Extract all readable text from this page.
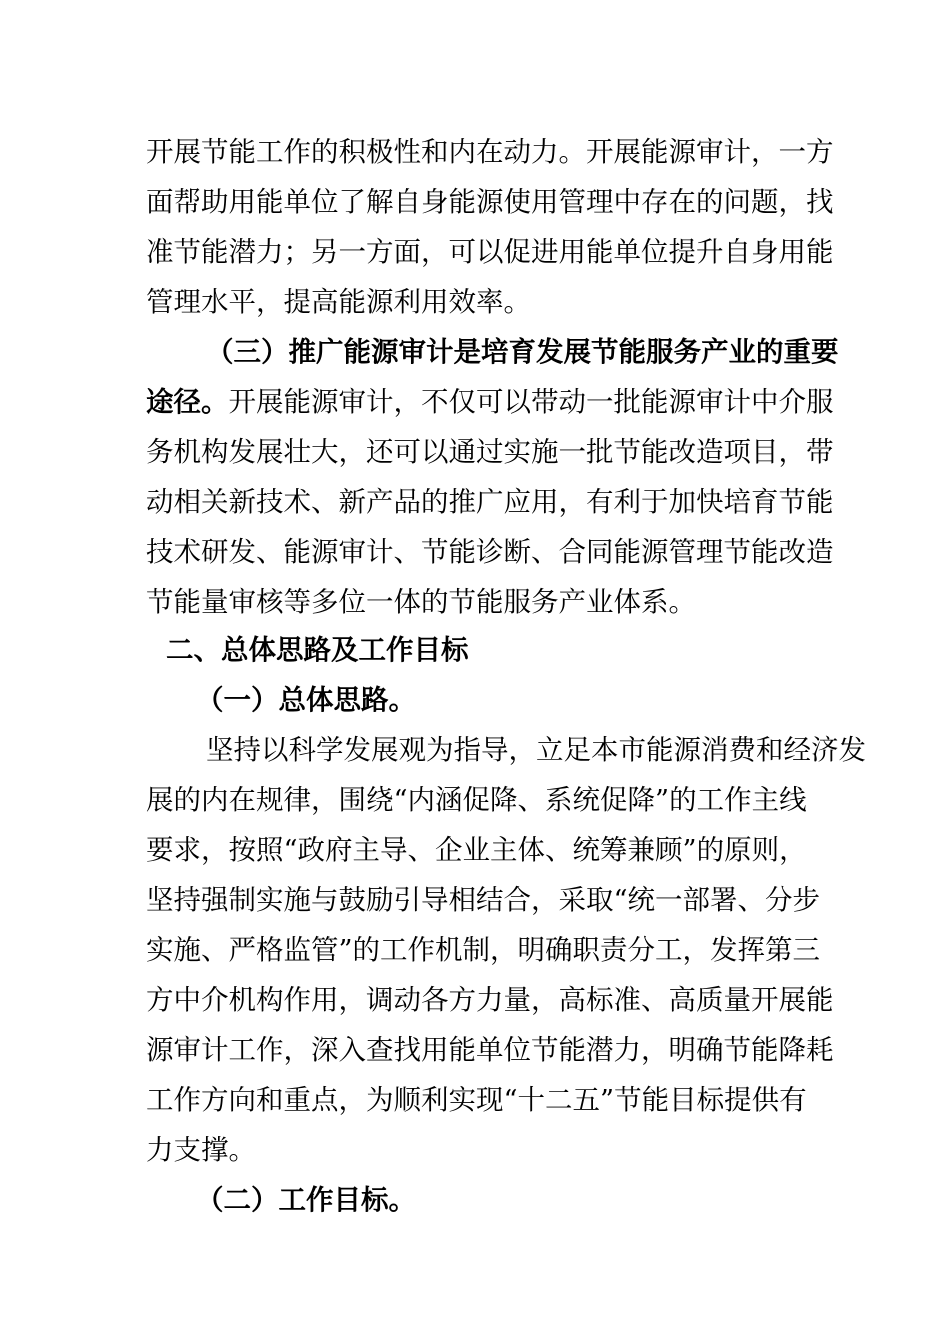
开展节能工作的积极性和内在动力。开展能源审计，一方
面帮助用能单位了解自身能源使用管理中存在的问题，找
准节能潜力；另一方面，可以促进用能单位提升自身用能
管理水平，提高能源利用效率。
（三）推广能源审计是培育发展节能服务产业的重要
途径。开展能源审计，不仅可以带动一批能源审计中介服
务机构发展壮大，还可以通过实施一批节能改造项目，带
动相关新技术、新产品的推广应用，有利于加快培育节能
技术研发、能源审计、节能诊断、合同能源管理节能改造
节能量审核等多位一体的节能服务产业体系。
二、总体思路及工作目标
（一）总体思路。
坚持以科学发展观为指导，立足本市能源消费和经济发
展的内在规律，围绕“内涵促降、系统促降”的工作主线
要求，按照“政府主导、企业主体、统筹兼顾”的原则，
坚持强制实施与鼓励引导相结合，采取“统一部署、分步
实施、严格监管”的工作机制，明确职责分工，发挥第三
方中介机构作用，调动各方力量，高标准、高质量开展能
源审计工作，深入查找用能单位节能潜力，明确节能降耗
工作方向和重点，为顺利实现“十二五”节能目标提供有
力支撑。
（二）工作目标。
